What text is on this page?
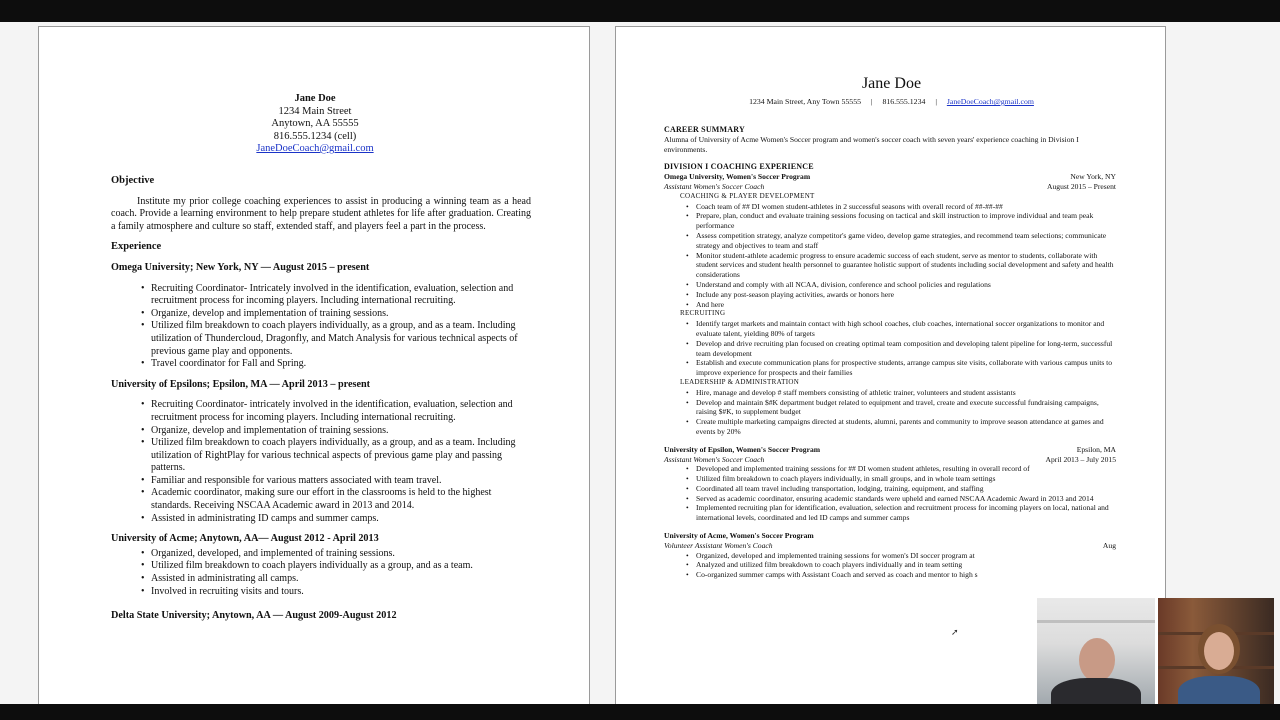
Jane Doe
1234 Main Street
Anytown, AA 55555
816.555.1234 (cell)
JaneDoeCoach@gmail.com
Objective
Institute my prior college coaching experiences to assist in producing a winning team as a head coach. Provide a learning environment to help prepare student athletes for life after graduation. Creating a family atmosphere and culture so staff, extended staff, and players feel a part in the process.
Experience
Omega University; New York, NY — August 2015 – present
• Recruiting Coordinator- Intricately involved in the identification, evaluation, selection and recruitment process for incoming players. Including international recruiting.
• Organize, develop and implementation of training sessions.
• Utilized film breakdown to coach players individually, as a group, and as a team. Including utilization of Thundercloud, Dragonfly, and Match Analysis for various technical aspects of previous game play and opponents.
• Travel coordinator for Fall and Spring.
University of Epsilons; Epsilon, MA — April 2013 – present
• Recruiting Coordinator- intricately involved in the identification, evaluation, selection and recruitment process for incoming players. Including international recruiting.
• Organize, develop and implementation of training sessions.
• Utilized film breakdown to coach players individually, as a group, and as a team. Including utilization of RightPlay for various technical aspects of previous game play and passing patterns.
• Familiar and responsible for various matters associated with team travel.
• Academic coordinator, making sure our effort in the classrooms is held to the highest standards. Receiving NSCAA Academic award in 2013 and 2014.
• Assisted in administrating ID camps and summer camps.
University of Acme; Anytown, AA— August 2012 - April 2013
• Organized, developed, and implemented of training sessions.
• Utilized film breakdown to coach players individually as a group, and as a team.
• Assisted in administrating all camps.
• Involved in recruiting visits and tours.
Delta State University; Anytown, AA — August 2009-August 2012
Jane Doe
1234 Main Street, Any Town 55555 | 816.555.1234 | JaneDoeCoach@gmail.com
CAREER SUMMARY
Alumna of University of Acme Women's Soccer program and women's soccer coach with seven years' experience coaching in Division I environments.
DIVISION I COACHING EXPERIENCE
Omega University, Women's Soccer Program	New York, NY
Assistant Women's Soccer Coach	August 2015 – Present
COACHING & PLAYER DEVELOPMENT
• Coach team of ## DI women student-athletes in 2 successful seasons with overall record of ##-##-##
• Prepare, plan, conduct and evaluate training sessions focusing on tactical and skill instruction to improve individual and team peak performance
• Assess competition strategy, analyze competitor's game video, develop game strategies, and recommend team selections; communicate strategy and objectives to team and staff
• Monitor student-athlete academic progress to ensure academic success of each student, serve as mentor to students, collaborate with student services and student health personnel to guarantee holistic support of students including social development and safety and health considerations
• Understand and comply with all NCAA, division, conference and school policies and regulations
• Include any post-season playing activities, awards or honors here
• And here
RECRUITING
• Identify target markets and maintain contact with high school coaches, club coaches, international soccer organizations to monitor and evaluate talent, yielding 80% of targets
• Develop and drive recruiting plan focused on creating optimal team composition and developing talent pipeline for long-term, successful team development
• Establish and execute communication plans for prospective students, arrange campus site visits, collaborate with various campus units to improve experience for prospects and their families
LEADERSHIP & ADMINISTRATION
• Hire, manage and develop # staff members consisting of athletic trainer, volunteers and student assistants
• Develop and maintain $#K department budget related to equipment and travel, create and execute successful fundraising campaigns, raising $#K, to supplement budget
• Create multiple marketing campaigns directed at students, alumni, parents and community to improve season attendance at games and events by 20%
University of Epsilon, Women's Soccer Program	Epsilon, MA
Assistant Women's Soccer Coach	April 2013 – July 2015
• Developed and implemented training sessions for ## DI women student athletes, resulting in overall record of
• Utilized film breakdown to coach players individually, in small groups, and in whole team settings
• Coordinated all team travel including transportation, lodging, training, equipment, and staffing
• Served as academic coordinator, ensuring academic standards were upheld and earned NSCAA Academic Award in 2013 and 2014
• Implemented recruiting plan for identification, evaluation, selection and recruitment process for incoming players on local, national and international levels, coordinated and led ID camps and summer camps
University of Acme, Women's Soccer Program
Volunteer Assistant Women's Coach	Aug
• Organized, developed and implemented training sessions for women's DI soccer program at
• Analyzed and utilized film breakdown to coach players individually and in team setting
• Co-organized summer camps with Assistant Coach and served as coach and mentor to high s
➚
